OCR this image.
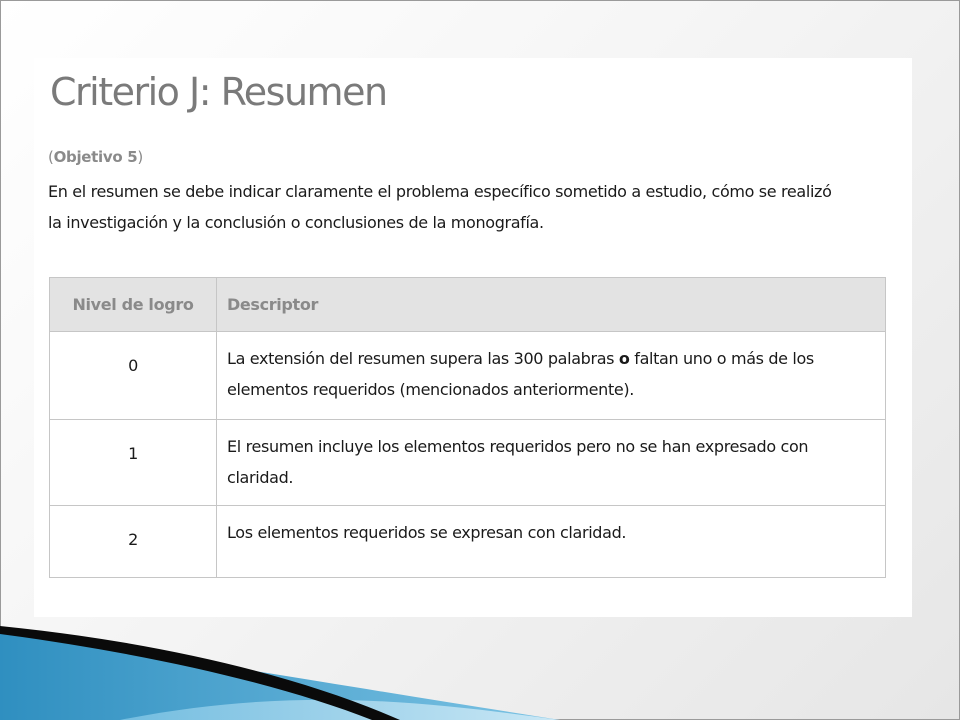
Criterio J: Resumen
(Objetivo 5)
En el resumen se debe indicar claramente el problema específico sometido a estudio, cómo se realizó
la investigación y la conclusión o conclusiones de la monografía.
Nivel de logro	Descriptor
0	La extensión del resumen supera las 300 palabras o faltan uno o más de los
elementos requeridos (mencionados anteriormente).

1	El resumen incluye los elementos requeridos pero no se han expresado con
claridad.

2	Los elementos requeridos se expresan con claridad.
